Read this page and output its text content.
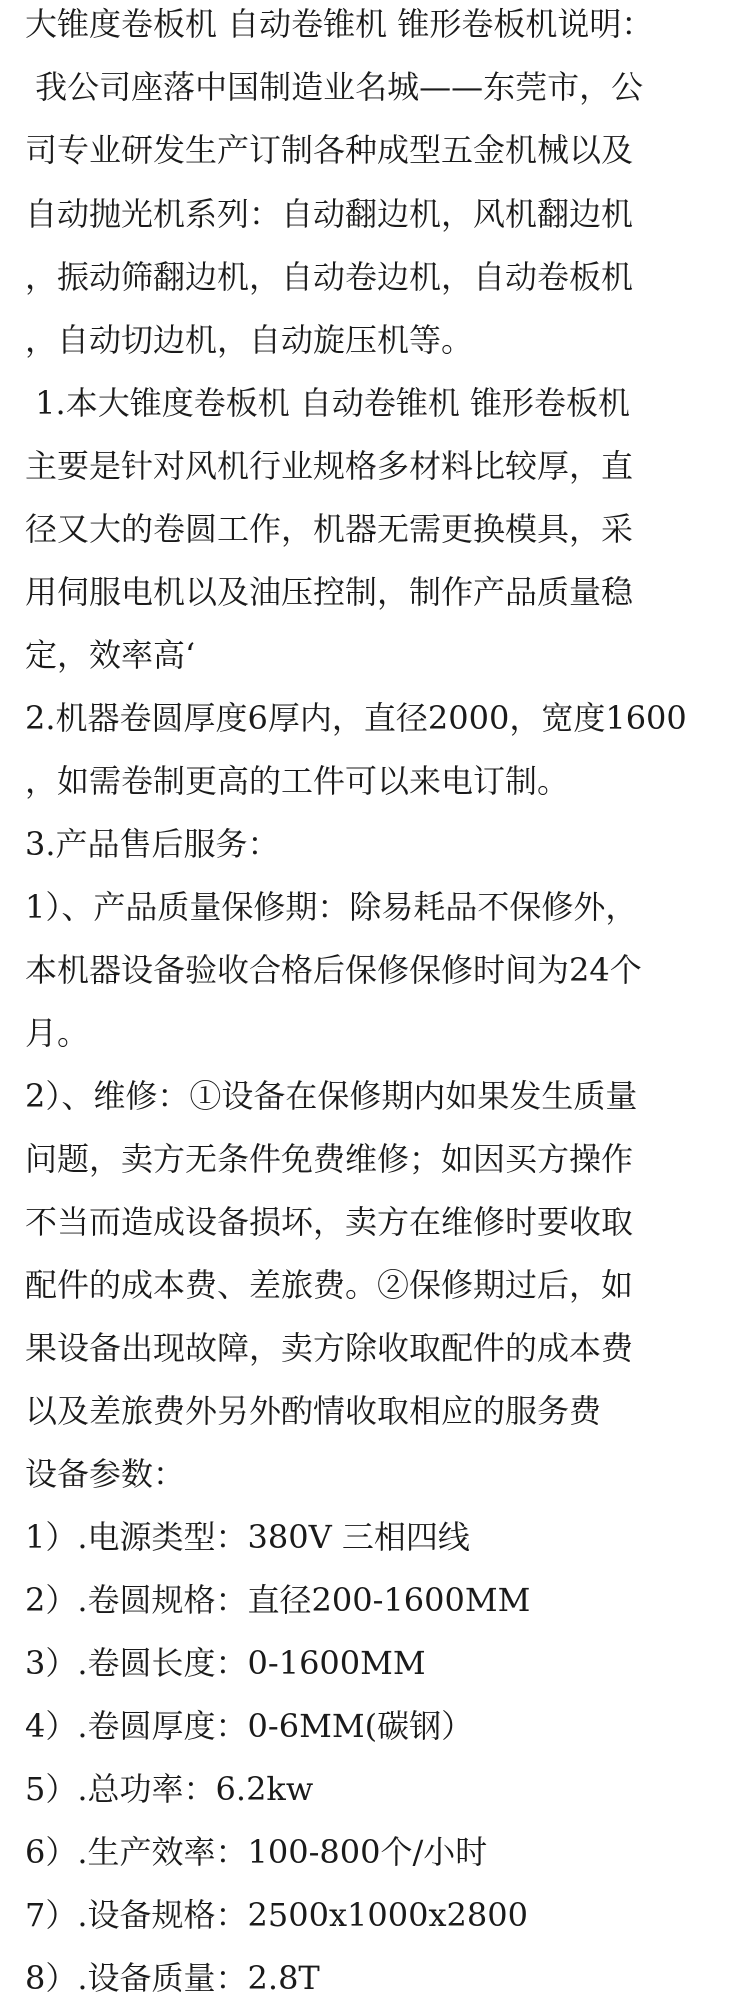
大锥度卷板机 自动卷锥机 锥形卷板机说明：
我公司座落中国制造业名城——东莞市，公
司专业研发生产订制各种成型五金机械以及
自动抛光机系列：自动翻边机，风机翻边机
，振动筛翻边机，自动卷边机，自动卷板机
，自动切边机，自动旋压机等。
1.本大锥度卷板机 自动卷锥机 锥形卷板机
主要是针对风机行业规格多材料比较厚，直
径又大的卷圆工作，机器无需更换模具，采
用伺服电机以及油压控制，制作产品质量稳
定，效率高‘
2.机器卷圆厚度6厚内，直径2000，宽度1600
，如需卷制更高的工件可以来电订制。
3.产品售后服务：
1）、产品质量保修期：除易耗品不保修外，
本机器设备验收合格后保修保修时间为24个
月。
2）、维修：①设备在保修期内如果发生质量
问题，卖方无条件免费维修；如因买方操作
不当而造成设备损坏，卖方在维修时要收取
配件的成本费、差旅费。②保修期过后，如
果设备出现故障，卖方除收取配件的成本费
以及差旅费外另外酌情收取相应的服务费
设备参数：
1）.电源类型：380V 三相四线
2）.卷圆规格：直径200-1600MM
3）.卷圆长度：0-1600MM
4）.卷圆厚度：0-6MM(碳钢）
5）.总功率：6.2kw
6）.生产效率：100-800个/小时
7）.设备规格：2500x1000x2800
8）.设备质量：2.8T
